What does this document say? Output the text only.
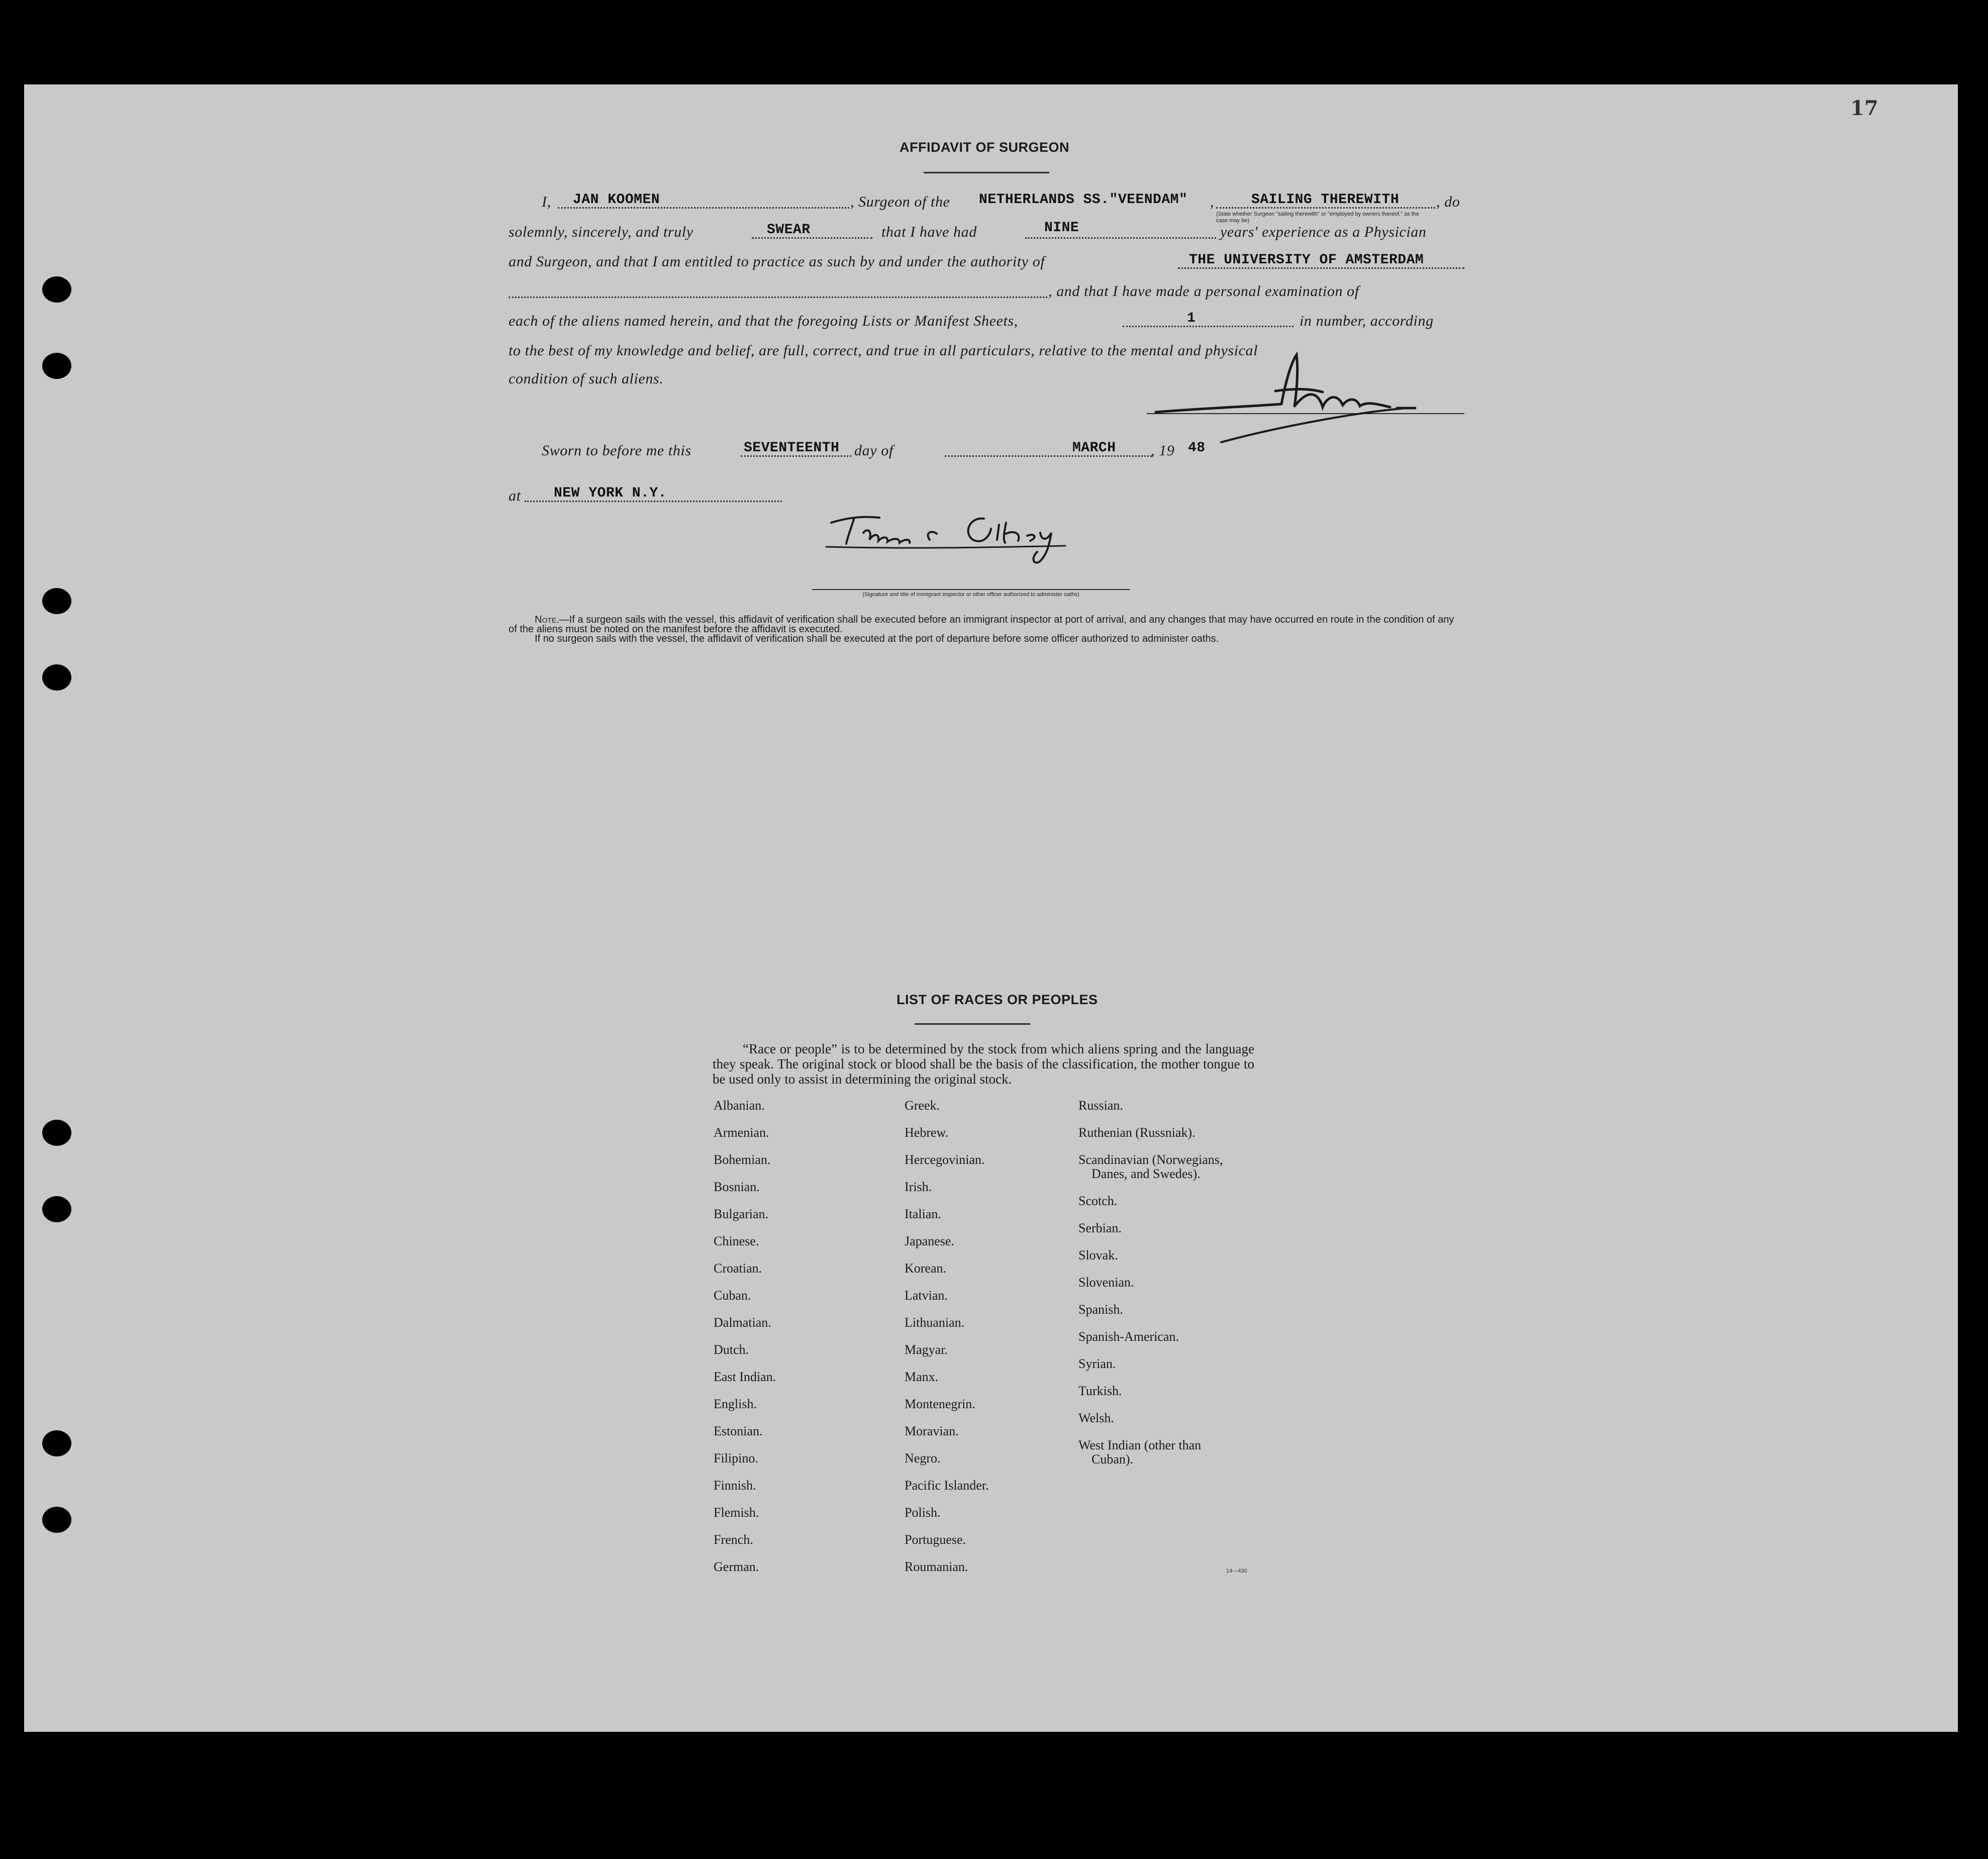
17

AFFIDAVIT OF SURGEON
I, JAN KOOMEN	, Surgeon of the NETHERLANDS SS."VEENDAM" ,	SAILING THEREWITH , do
(State whether Surgeon "sailing therewith" or "employed by owners thereof," as the case may be)
solemnly, sincerely, and truly	SWEAR	that I have had	NINE	years' experience as a Physician
and Surgeon, and that I am entitled to practice as such by and under the authority of	THE UNIVERSITY OF AMSTERDAM
, and that I have made a personal examination of
each of the aliens named herein, and that the foregoing Lists or Manifest Sheets,	1	in number, according
to the best of my knowledge and belief, are full, correct, and true in all particulars, relative to the mental and physical
condition of such aliens.
Sworn to before me this	SEVENTEENTH day of	MARCH , 19 48
at NEW YORK N.Y.
(Signature and title of immigrant inspector or other officer authorized to administer oaths)

Note.—If a surgeon sails with the vessel, this affidavit of verification shall be executed before an immigrant inspector at port of arrival, and any changes that may have occurred en route in the condition of any of the aliens must be noted on the manifest before the affidavit is executed.
If no surgeon sails with the vessel, the affidavit of verification shall be executed at the port of departure before some officer authorized to administer oaths.

LIST OF RACES OR PEOPLES

“Race or people” is to be determined by the stock from which aliens spring and the language they speak. The original stock or blood shall be the basis of the classification, the mother tongue to be used only to assist in determining the original stock.

Albanian.
Armenian.
Bohemian.
Bosnian.
Bulgarian.
Chinese.
Croatian.
Cuban.
Dalmatian.
Dutch.
East Indian.
English.
Estonian.
Filipino.
Finnish.
Flemish.
French.
German.
Greek.
Hebrew.
Hercegovinian.
Irish.
Italian.
Japanese.
Korean.
Latvian.
Lithuanian.
Magyar.
Manx.
Montenegrin.
Moravian.
Negro.
Pacific Islander.
Polish.
Portuguese.
Roumanian.
Russian.
Ruthenian (Russniak).
Scandinavian (Norwegians,
Danes, and Swedes).
Scotch.
Serbian.
Slovak.
Slovenian.
Spanish.
Spanish-American.
Syrian.
Turkish.
Welsh.
West Indian (other than
Cuban).

14—430
